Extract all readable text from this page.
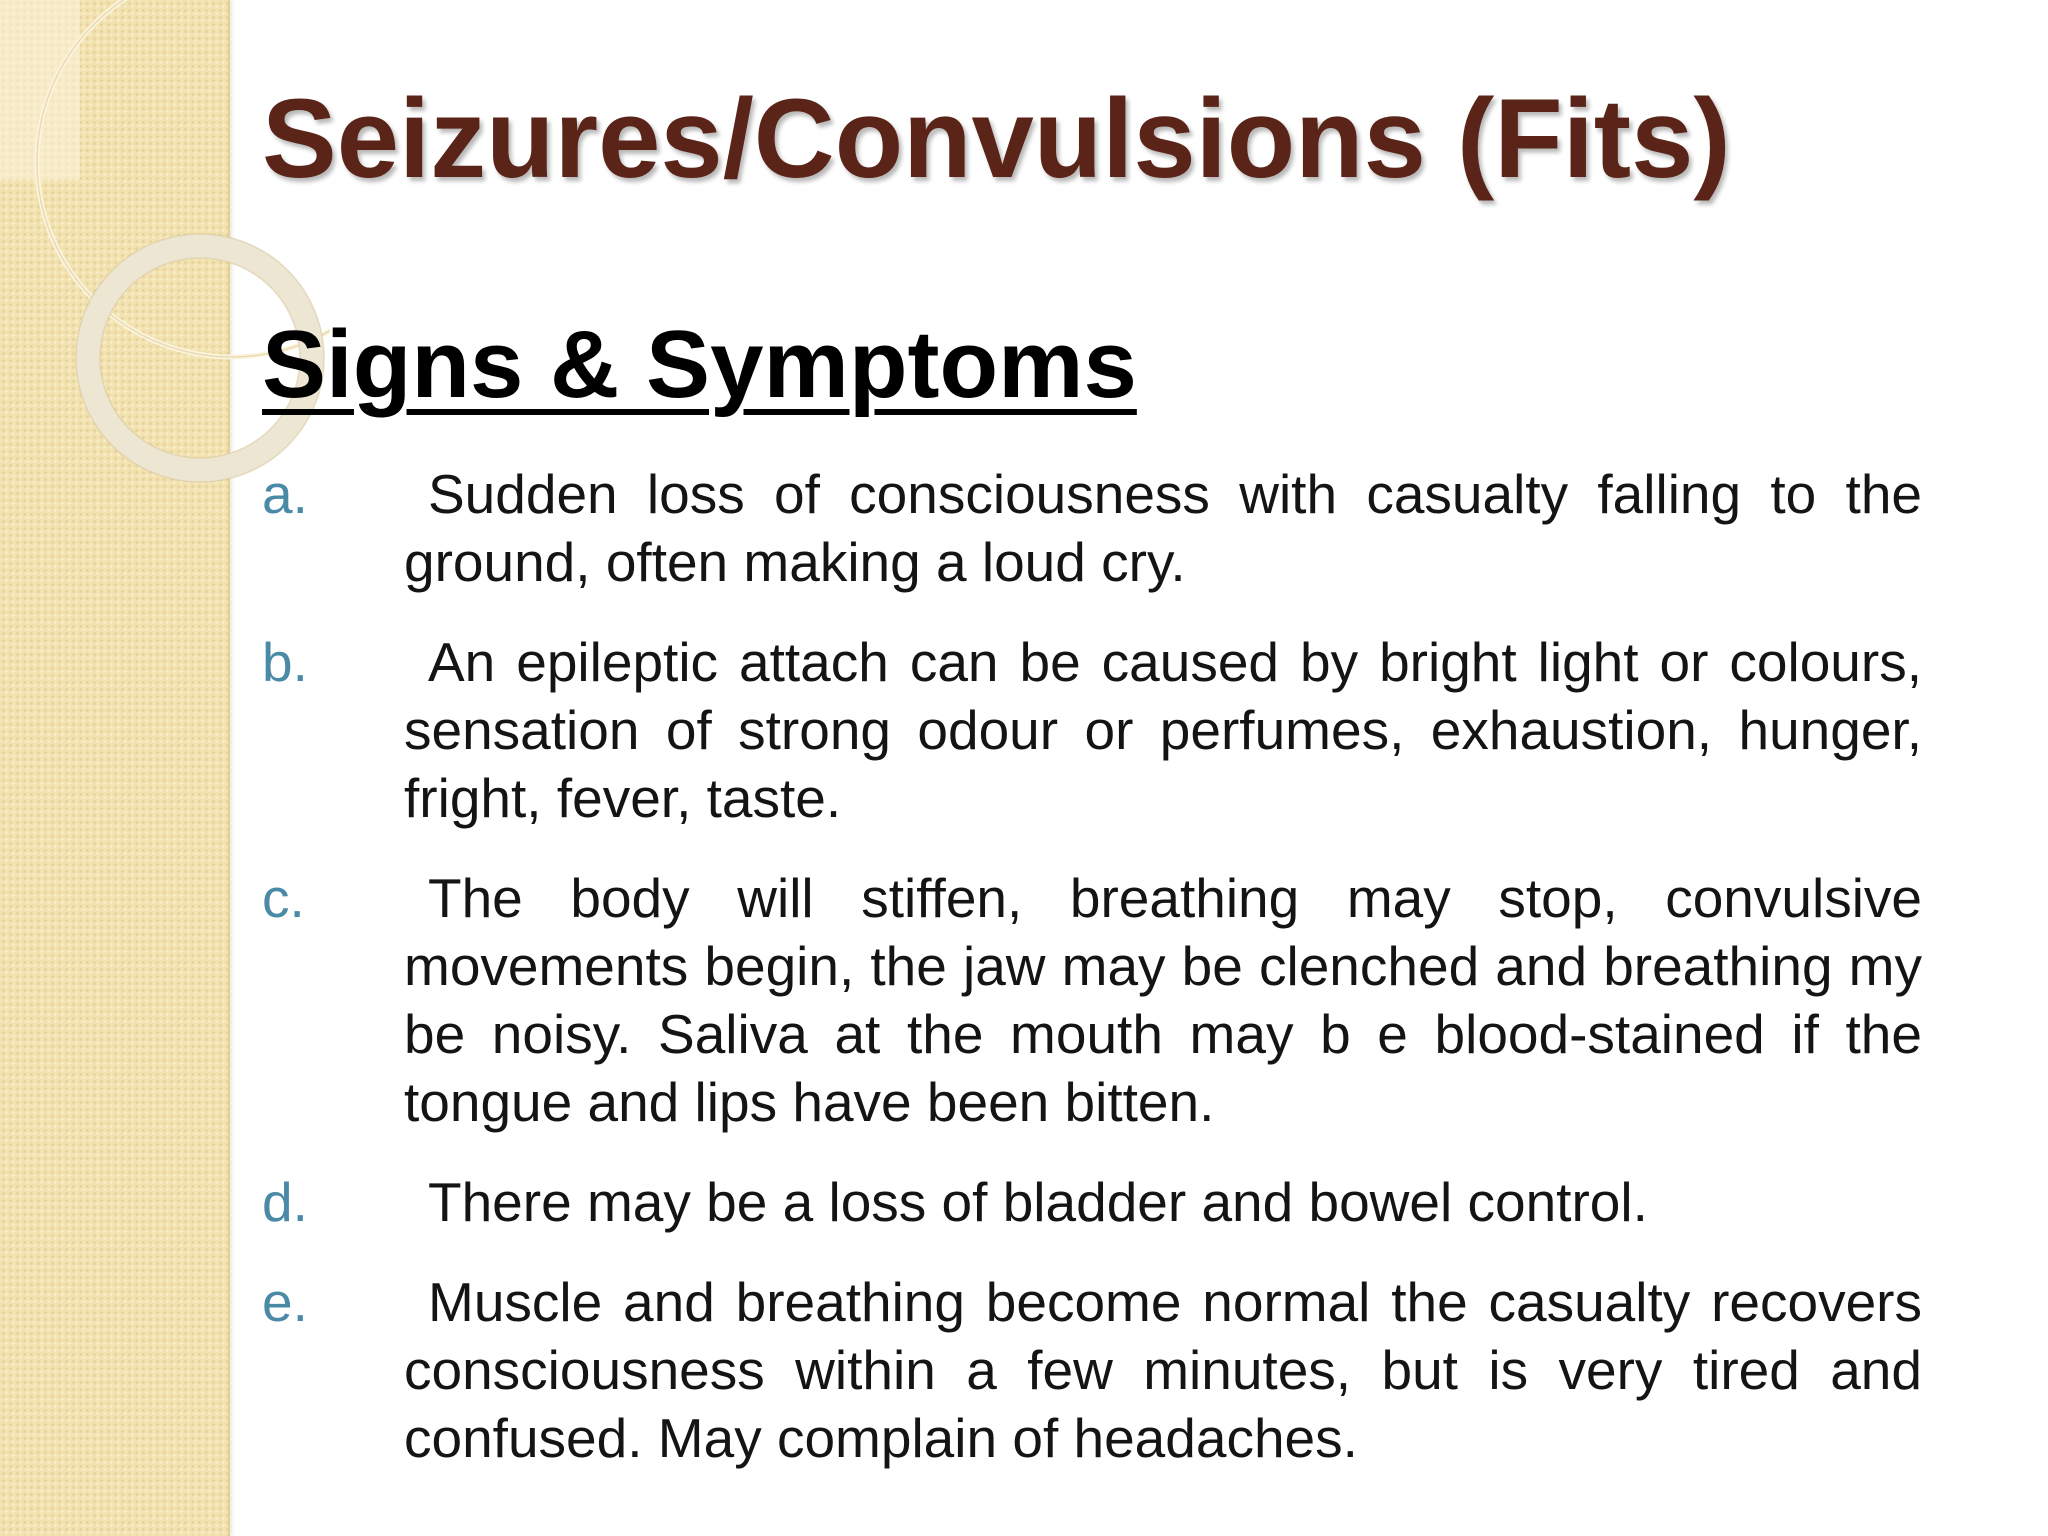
Seizures/Convulsions (Fits)
Signs & Symptoms
a.	Sudden loss of consciousness with casualty falling to the ground, often making a loud cry.
b.	An epileptic attach can be caused by bright light or colours, sensation of strong odour or perfumes, exhaustion, hunger, fright, fever, taste.
c.	The body will stiffen, breathing may stop, convulsive movements begin, the jaw may be clenched and breathing my be noisy. Saliva at the mouth may b e blood-stained if the tongue and lips have been bitten.
d.	There may be a loss of bladder and bowel control.
e.	Muscle and breathing become normal the casualty recovers consciousness within a few minutes, but is very tired and confused. May complain of headaches.
